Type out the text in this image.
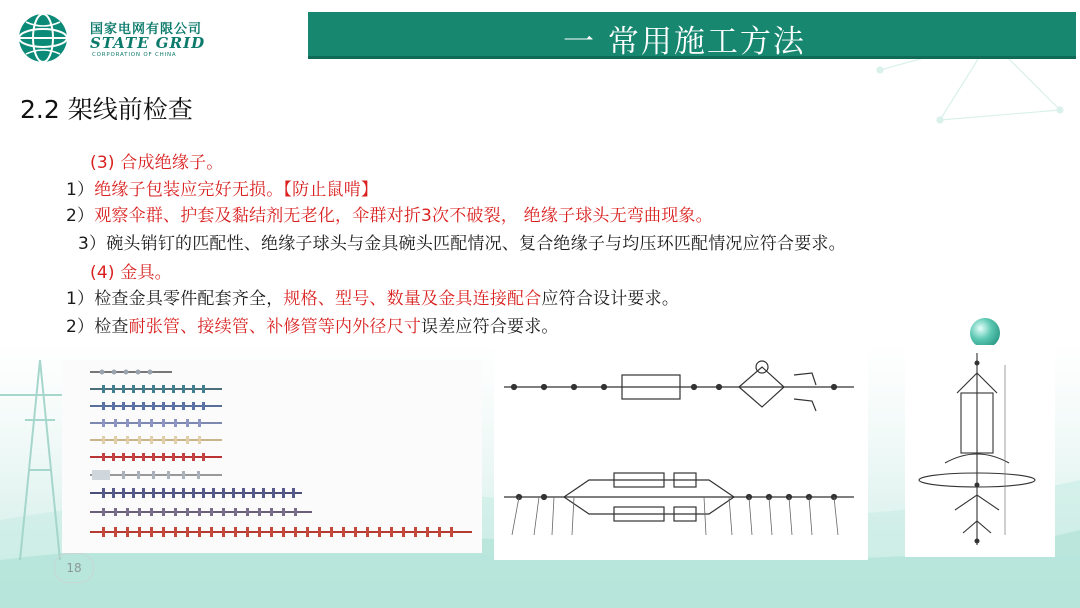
国家电网有限公司
STATE GRID
CORPORATION OF CHINA	一 常用施工方法
2.2 架线前检查
(3) 合成绝缘子。
1）绝缘子包装应完好无损。【防止鼠啃】
2）观察伞群、护套及黏结剂无老化，伞群对折3次不破裂， 绝缘子球头无弯曲现象。
3）碗头销钉的匹配性、绝缘子球头与金具碗头匹配情况、复合绝缘子与均压环匹配情况应符合要求。
(4) 金具。
1）检查金具零件配套齐全，规格、型号、数量及金具连接配合应符合设计要求。
2）检查耐张管、接续管、补修管等内外径尺寸误差应符合要求。
18
